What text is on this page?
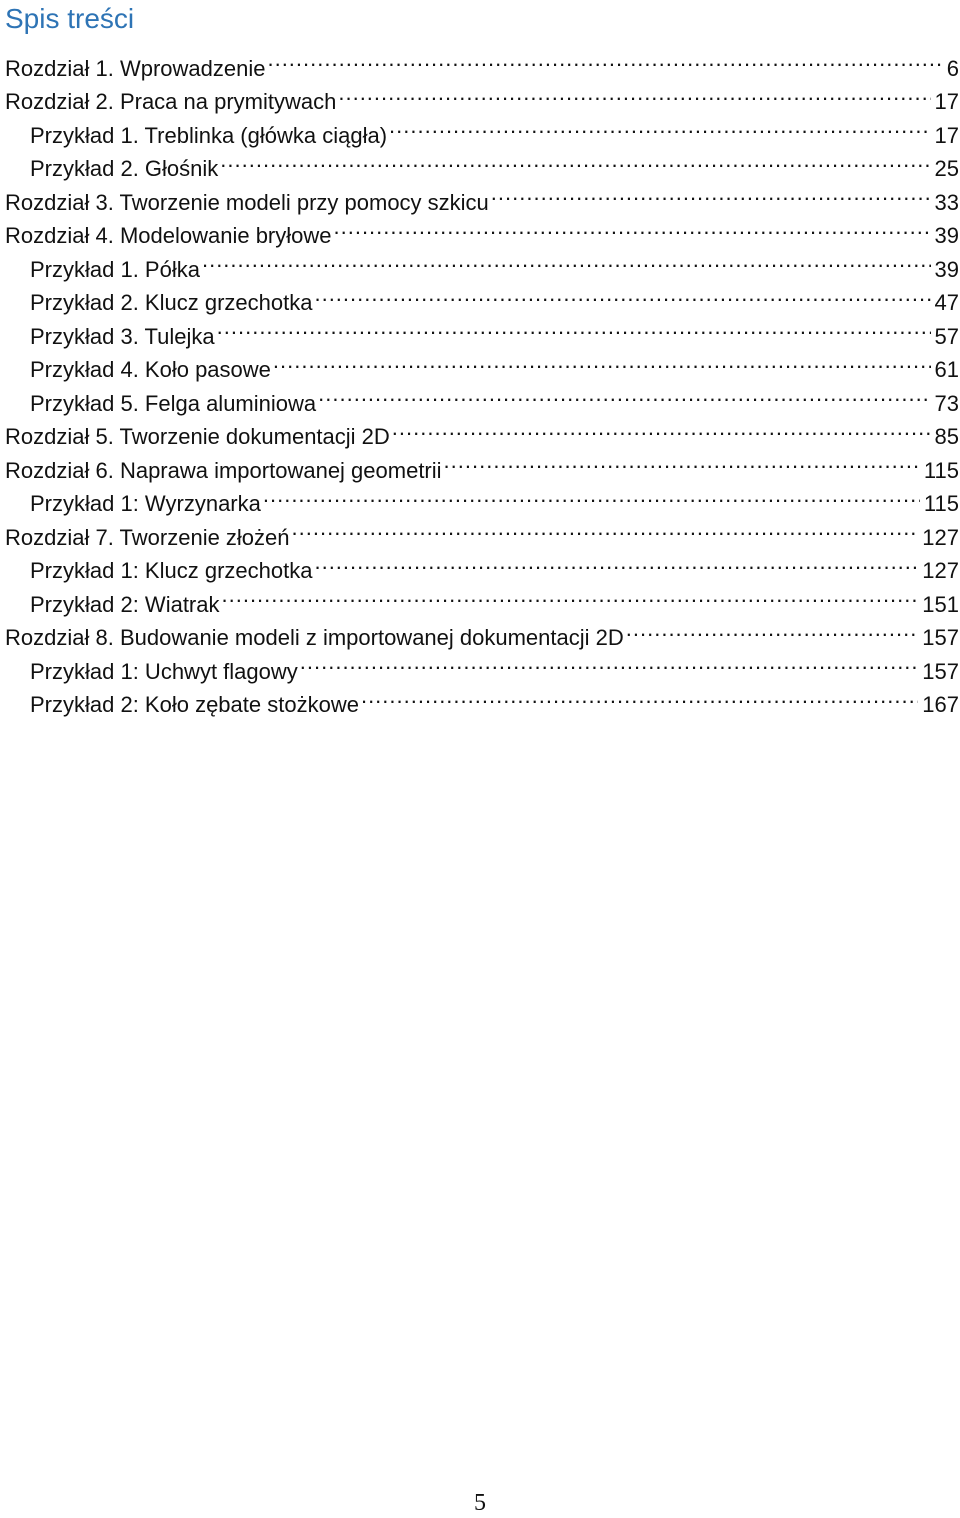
Spis treści
Rozdział 1. Wprowadzenie .....	6
Rozdział 2. Praca na prymitywach .....	17
Przykład 1. Treblinka (główka ciągła) .....	17
Przykład 2. Głośnik .....	25
Rozdział 3. Tworzenie modeli przy pomocy szkicu .....	33
Rozdział 4. Modelowanie bryłowe .....	39
Przykład 1. Półka .....	39
Przykład 2. Klucz grzechotka .....	47
Przykład 3. Tulejka .....	57
Przykład 4. Koło pasowe .....	61
Przykład 5. Felga aluminiowa .....	73
Rozdział 5. Tworzenie dokumentacji 2D .....	85
Rozdział 6. Naprawa importowanej geometrii .....	115
Przykład 1: Wyrzynarka .....	115
Rozdział 7. Tworzenie złożeń .....	127
Przykład 1: Klucz grzechotka .....	127
Przykład 2: Wiatrak .....	151
Rozdział 8. Budowanie modeli z importowanej dokumentacji 2D .....	157
Przykład 1: Uchwyt flagowy .....	157
Przykład 2: Koło zębate stożkowe .....	167
5
